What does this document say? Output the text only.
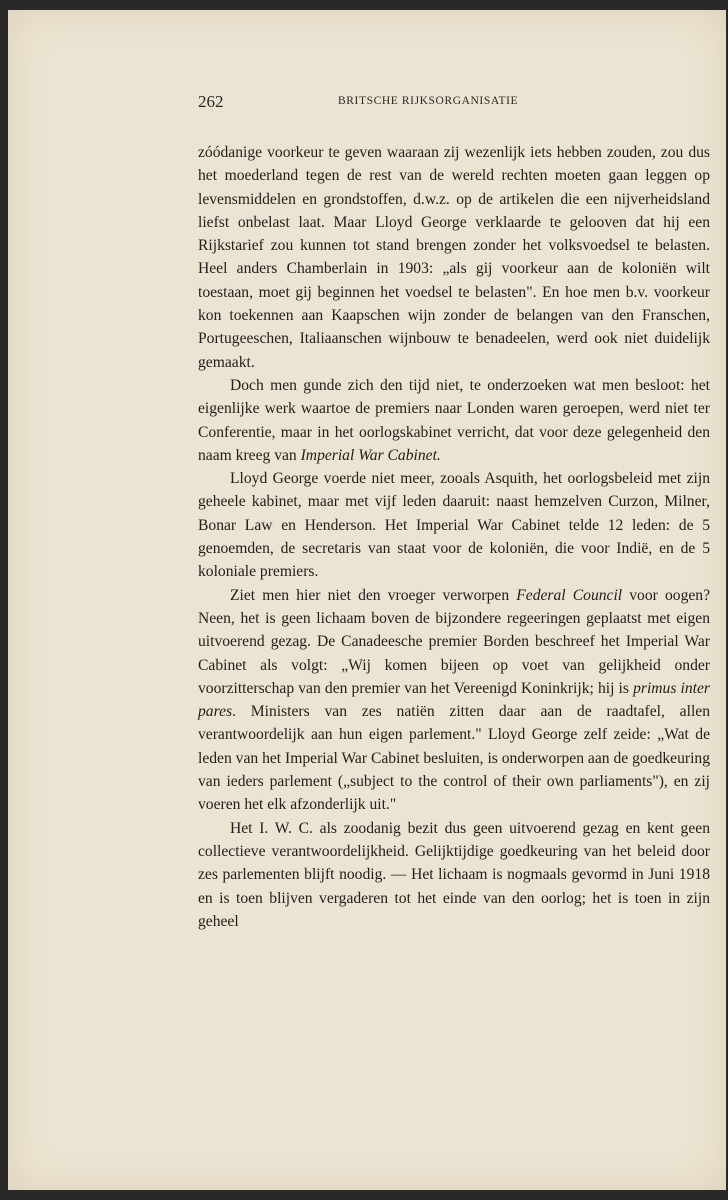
262	BRITSCHE RIJKSORGANISATIE

zóódanige voorkeur te geven waaraan zij wezenlijk iets hebben zouden, zou dus het moederland tegen de rest van de wereld rechten moeten gaan leggen op levensmiddelen en grondstoffen, d.w.z. op de artikelen die een nijverheidsland liefst onbelast laat. Maar Lloyd George verklaarde te gelooven dat hij een Rijkstarief zou kunnen tot stand brengen zonder het volksvoedsel te belasten. Heel anders Chamberlain in 1903: „als gij voorkeur aan de koloniën wilt toestaan, moet gij beginnen het voedsel te belasten". En hoe men b.v. voorkeur kon toekennen aan Kaapschen wijn zonder de belangen van den Franschen, Portugeeschen, Italiaanschen wijnbouw te benadeelen, werd ook niet duidelijk gemaakt.

Doch men gunde zich den tijd niet, te onderzoeken wat men besloot: het eigenlijke werk waartoe de premiers naar Londen waren geroepen, werd niet ter Conferentie, maar in het oorlogskabinet verricht, dat voor deze gelegenheid den naam kreeg van Imperial War Cabinet.

Lloyd George voerde niet meer, zooals Asquith, het oorlogsbeleid met zijn geheele kabinet, maar met vijf leden daaruit: naast hemzelven Curzon, Milner, Bonar Law en Henderson. Het Imperial War Cabinet telde 12 leden: de 5 genoemden, de secretaris van staat voor de koloniën, die voor Indië, en de 5 koloniale premiers.

Ziet men hier niet den vroeger verworpen Federal Council voor oogen? Neen, het is geen lichaam boven de bijzondere regeeringen geplaatst met eigen uitvoerend gezag. De Canadeesche premier Borden beschreef het Imperial War Cabinet als volgt: „Wij komen bijeen op voet van gelijkheid onder voorzitterschap van den premier van het Vereenigd Koninkrijk; hij is primus inter pares. Ministers van zes natiën zitten daar aan de raadtafel, allen verantwoordelijk aan hun eigen parlement." Lloyd George zelf zeide: „Wat de leden van het Imperial War Cabinet besluiten, is onderworpen aan de goedkeuring van ieders parlement („subject to the control of their own parliaments"), en zij voeren het elk afzonderlijk uit."

Het I. W. C. als zoodanig bezit dus geen uitvoerend gezag en kent geen collectieve verantwoordelijkheid. Gelijktijdige goedkeuring van het beleid door zes parlementen blijft noodig. — Het lichaam is nogmaals gevormd in Juni 1918 en is toen blijven vergaderen tot het einde van den oorlog; het is toen in zijn geheel
